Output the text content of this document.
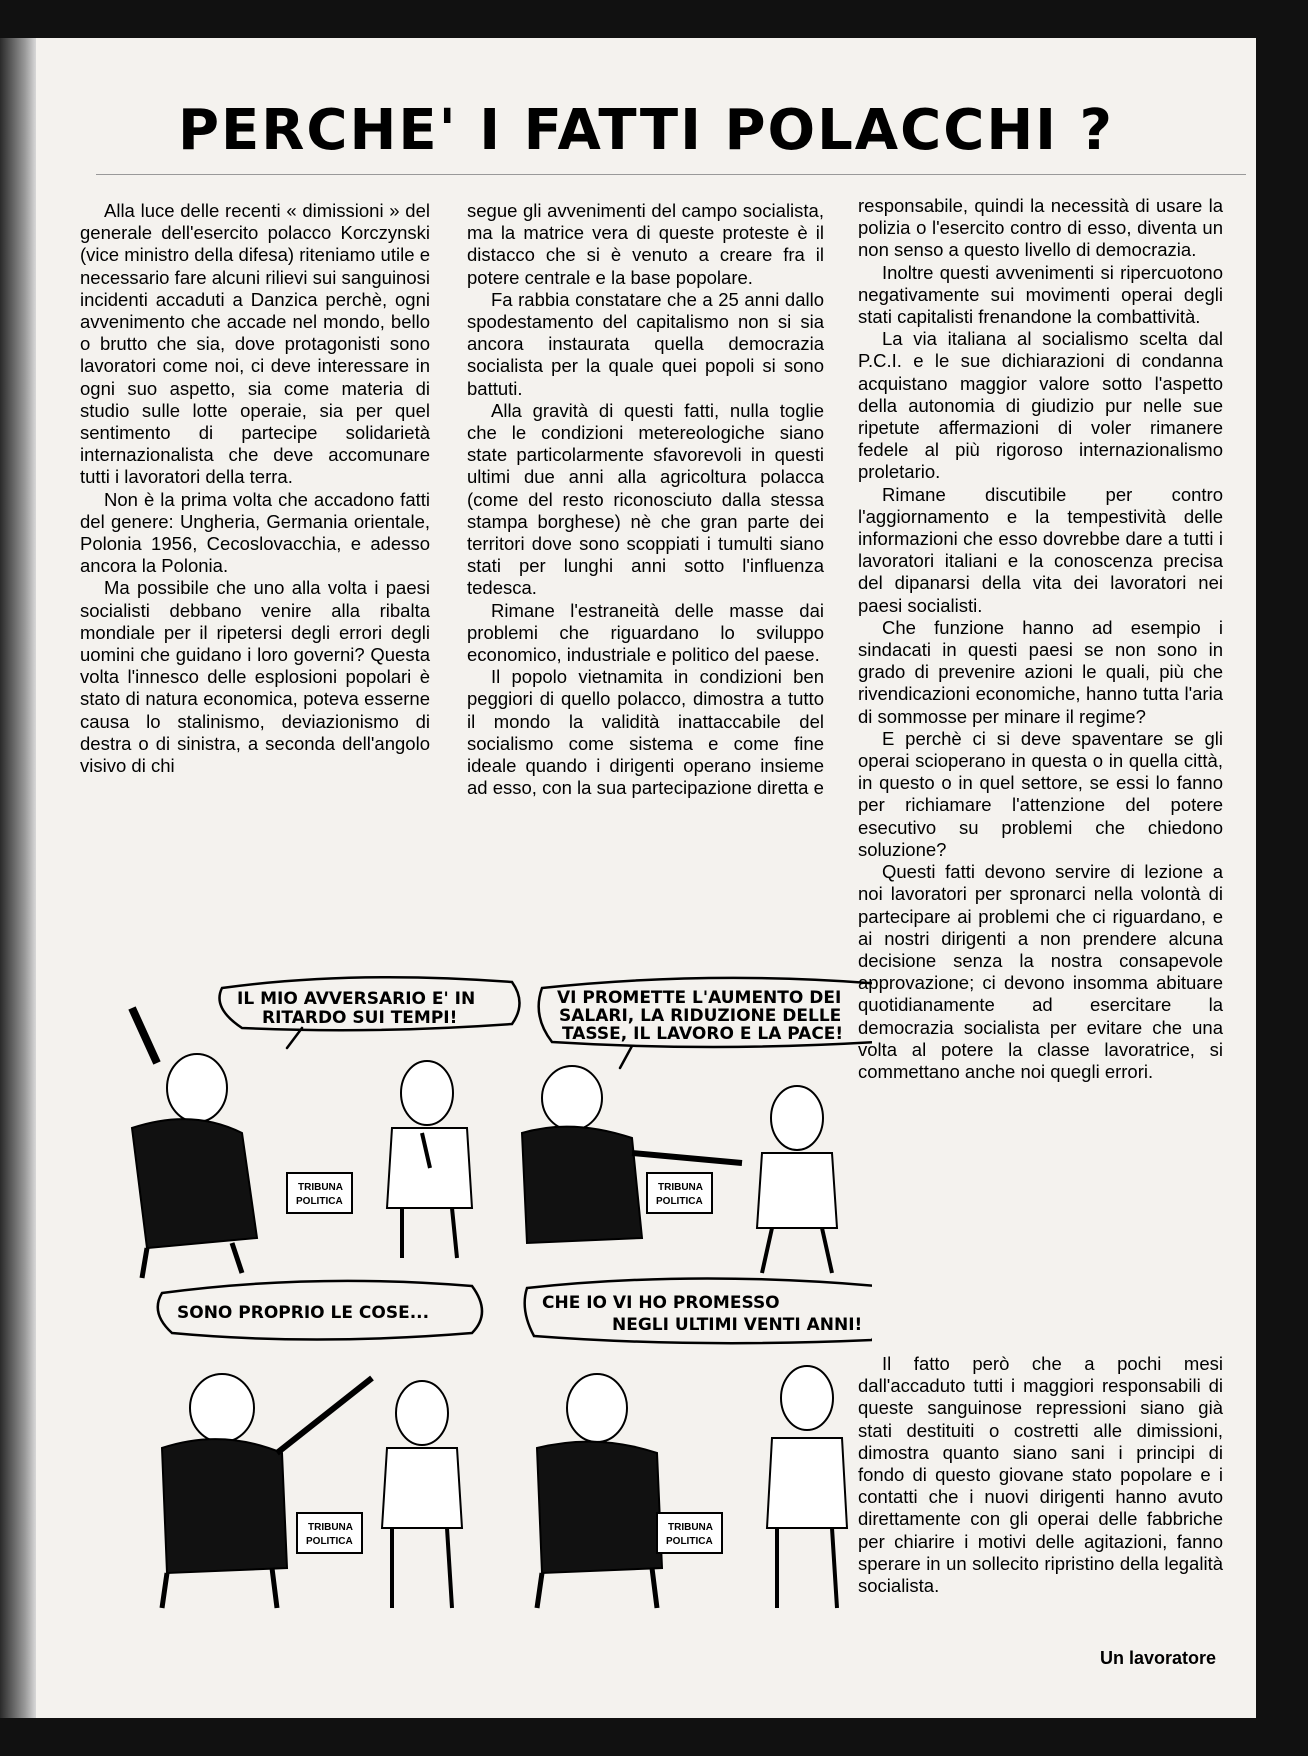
PERCHE' I FATTI POLACCHI ?

Alla luce delle recenti « dimissioni » del generale dell'esercito polacco Korczynski (vice ministro della difesa) riteniamo utile e necessario fare alcuni rilievi sui sanguinosi incidenti accaduti a Danzica perchè, ogni avvenimento che accade nel mondo, bello o brutto che sia, dove protagonisti sono lavoratori come noi, ci deve interessare in ogni suo aspetto, sia come materia di studio sulle lotte operaie, sia per quel sentimento di partecipe solidarietà internazionalista che deve accomunare tutti i lavoratori della terra.

Non è la prima volta che accadono fatti del genere: Ungheria, Germania orientale, Polonia 1956, Cecoslovacchia, e adesso ancora la Polonia.

Ma possibile che uno alla volta i paesi socialisti debbano venire alla ribalta mondiale per il ripetersi degli errori degli uomini che guidano i loro governi? Questa volta l'innesco delle esplosioni popolari è stato di natura economica, poteva esserne causa lo stalinismo, deviazionismo di destra o di sinistra, a seconda dell'angolo visivo di chi

segue gli avvenimenti del campo socialista, ma la matrice vera di queste proteste è il distacco che si è venuto a creare fra il potere centrale e la base popolare.

Fa rabbia constatare che a 25 anni dallo spodestamento del capitalismo non si sia ancora instaurata quella democrazia socialista per la quale quei popoli si sono battuti.

Alla gravità di questi fatti, nulla toglie che le condizioni metereologiche siano state particolarmente sfavorevoli in questi ultimi due anni alla agricoltura polacca (come del resto riconosciuto dalla stessa stampa borghese) nè che gran parte dei territori dove sono scoppiati i tumulti siano stati per lunghi anni sotto l'influenza tedesca.

Rimane l'estraneità delle masse dai problemi che riguardano lo sviluppo economico, industriale e politico del paese.

Il popolo vietnamita in condizioni ben peggiori di quello polacco, dimostra a tutto il mondo la validità inattaccabile del socialismo come sistema e come fine ideale quando i dirigenti operano insieme ad esso, con la sua partecipazione diretta e

responsabile, quindi la necessità di usare la polizia o l'esercito contro di esso, diventa un non senso a questo livello di democrazia.

Inoltre questi avvenimenti si ripercuotono negativamente sui movimenti operai degli stati capitalisti frenandone la combattività.

La via italiana al socialismo scelta dal P.C.I. e le sue dichiarazioni di condanna acquistano maggior valore sotto l'aspetto della autonomia di giudizio pur nelle sue ripetute affermazioni di voler rimanere fedele al più rigoroso internazionalismo proletario.

Rimane discutibile per contro l'aggiornamento e la tempestività delle informazioni che esso dovrebbe dare a tutti i lavoratori italiani e la conoscenza precisa del dipanarsi della vita dei lavoratori nei paesi socialisti.

Che funzione hanno ad esempio i sindacati in questi paesi se non sono in grado di prevenire azioni le quali, più che rivendicazioni economiche, hanno tutta l'aria di sommosse per minare il regime?

E perchè ci si deve spaventare se gli operai scioperano in questa o in quella città, in questo o in quel settore, se essi lo fanno per richiamare l'attenzione del potere esecutivo su problemi che chiedono soluzione?

Questi fatti devono servire di lezione a noi lavoratori per spronarci nella volontà di partecipare ai problemi che ci riguardano, e ai nostri dirigenti a non prendere alcuna decisione senza la nostra consapevole approvazione; ci devono insomma abituare quotidianamente ad esercitare la democrazia socialista per evitare che una volta al potere la classe lavoratrice, si commettano anche noi quegli errori.

Il fatto però che a pochi mesi dall'accaduto tutti i maggiori responsabili di queste sanguinose repressioni siano già stati destituiti o costretti alle dimissioni, dimostra quanto siano sani i principi di fondo di questo giovane stato popolare e i contatti che i nuovi dirigenti hanno avuto direttamente con gli operai delle fabbriche per chiarire i motivi delle agitazioni, fanno sperare in un sollecito ripristino della legalità socialista.

Un lavoratore
IL MIO AVVERSARIO E' IN
RITARDO SUI TEMPI!
VI PROMETTE L'AUMENTO DEI
SALARI, LA RIDUZIONE DELLE
TASSE, IL LAVORO E LA PACE!
SONO PROPRIO LE COSE...	CHE IO VI HO PROMESSO
NEGLI ULTIMI VENTI ANNI!
TRIBUNA
POLITICA
TRIBUNA
POLITICA
TRIBUNA
POLITICA
TRIBUNA
POLITICA
